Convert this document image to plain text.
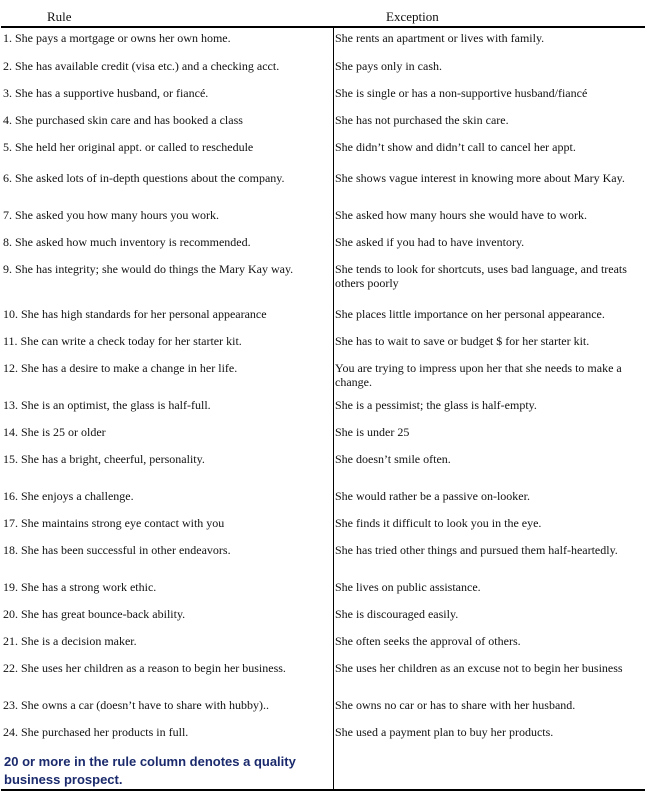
Rule	Exception
1. She pays a mortgage or owns her own home.	She rents an apartment or lives with family.
2. She has available credit (visa etc.) and a checking acct.	She pays only in cash.
3. She has a supportive husband, or fiancé.	She is single or has a non-supportive husband/fiancé
4. She purchased skin care and has booked a class	She has not purchased the skin care.
5. She held her original appt. or called to reschedule	She didn’t show and didn’t call to cancel her appt.
6. She asked lots of in-depth questions about the company.	She shows vague interest in knowing more about Mary Kay.
7. She asked you how many hours you work.	She asked how many hours she would have to work.
8. She asked how much inventory is recommended.	She asked if you had to have inventory.
9. She has integrity; she would do things the Mary Kay way.	She tends to look for shortcuts, uses bad language, and treats others poorly
10. She has high standards for her personal appearance	She places little importance on her personal appearance.
11. She can write a check today for her starter kit.	She has to wait to save or budget $ for her starter kit.
12. She has a desire to make a change in her life.	You are trying to impress upon her that she needs to make a change.
13. She is an optimist, the glass is half-full.	She is a pessimist; the glass is half-empty.
14. She is 25 or older	She is under 25
15. She has a bright, cheerful, personality.	She doesn’t smile often.
16. She enjoys a challenge.	She would rather be a passive on-looker.
17. She maintains strong eye contact with you	She finds it difficult to look you in the eye.
18. She has been successful in other endeavors.	She has tried other things and pursued them half-heartedly.
19. She has a strong work ethic.	She lives on public assistance.
20. She has great bounce-back ability.	She is discouraged easily.
21. She is a decision maker.	She often seeks the approval of others.
22. She uses her children as a reason to begin her business.	She uses her children as an excuse not to begin her business
23. She owns a car (doesn’t have to share with hubby)..	She owns no car or has to share with her husband.
24. She purchased her products in full.	She used a payment plan to buy her products.
20 or more in the rule column denotes a quality business prospect.	
